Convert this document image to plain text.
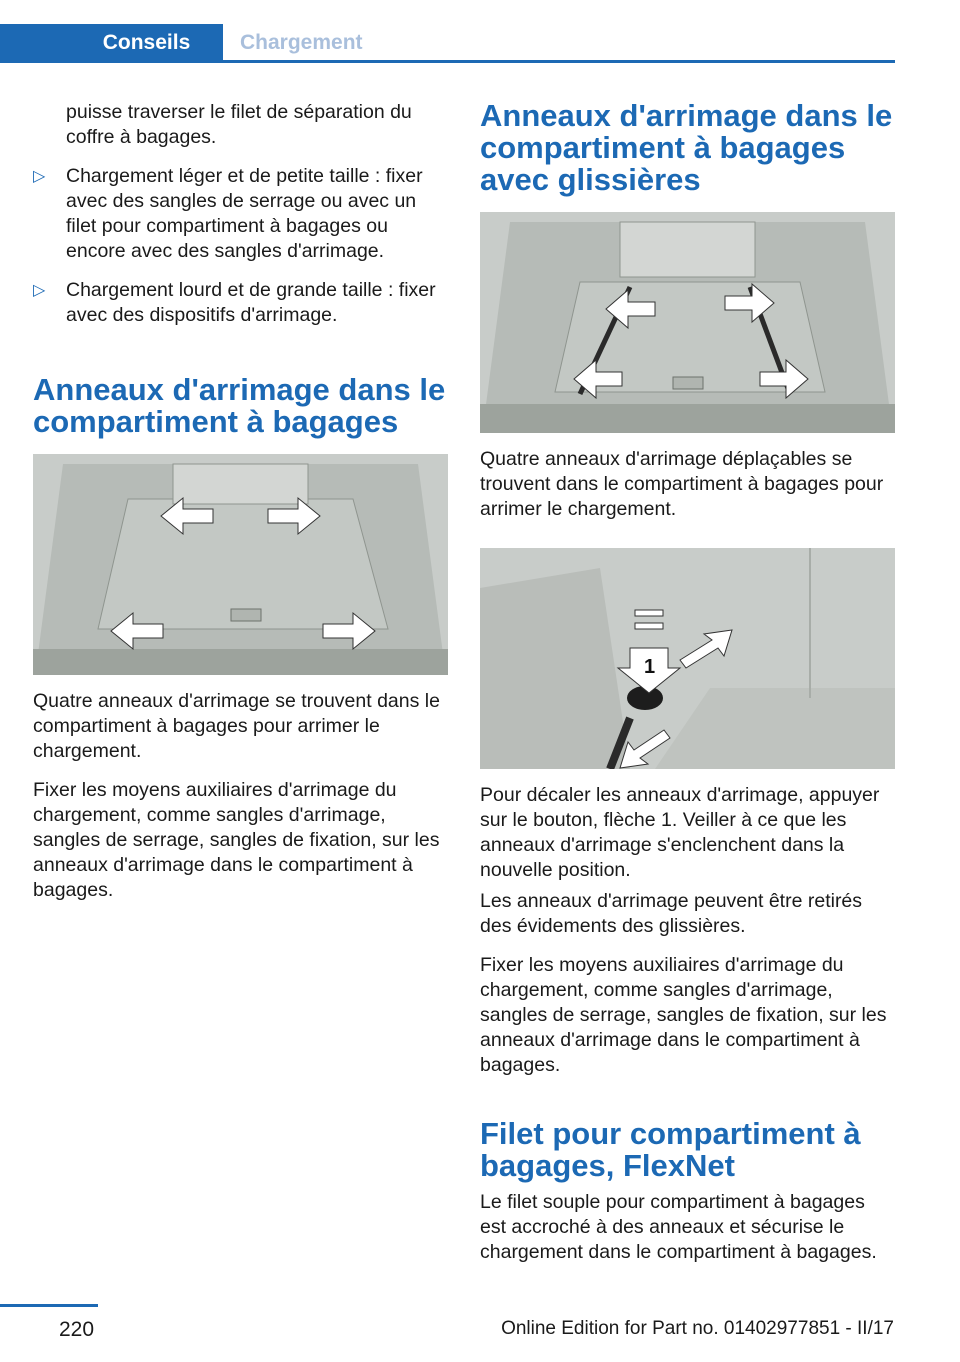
Conseils Chargement

puisse traverser le filet de séparation du coffre à bagages.

▷ Chargement léger et de petite taille : fixer avec des sangles de serrage ou avec un filet pour compartiment à bagages ou encore avec des sangles d'arrimage.
▷ Chargement lourd et de grande taille : fixer avec des dispositifs d'arrimage.
Anneaux d'arrimage dans le compartiment à bagages

Quatre anneaux d'arrimage se trouvent dans le compartiment à bagages pour arrimer le chargement.

Fixer les moyens auxiliaires d'arrimage du chargement, comme sangles d'arrimage, sangles de serrage, sangles de fixation, sur les anneaux d'arrimage dans le compartiment à bagages.

Anneaux d'arrimage dans le compartiment à bagages avec glissières

Quatre anneaux d'arrimage déplaçables se trouvent dans le compartiment à bagages pour arrimer le chargement.

1

Pour décaler les anneaux d'arrimage, appuyer sur le bouton, flèche 1. Veiller à ce que les anneaux d'arrimage s'enclenchent dans la nouvelle position.

Les anneaux d'arrimage peuvent être retirés des évidements des glissières.

Fixer les moyens auxiliaires d'arrimage du chargement, comme sangles d'arrimage, sangles de serrage, sangles de fixation, sur les anneaux d'arrimage dans le compartiment à bagages.

Filet pour compartiment à bagages, FlexNet

Le filet souple pour compartiment à bagages est accroché à des anneaux et sécurise le chargement dans le compartiment à bagages.

220	Online Edition for Part no. 01402977851 - II/17
